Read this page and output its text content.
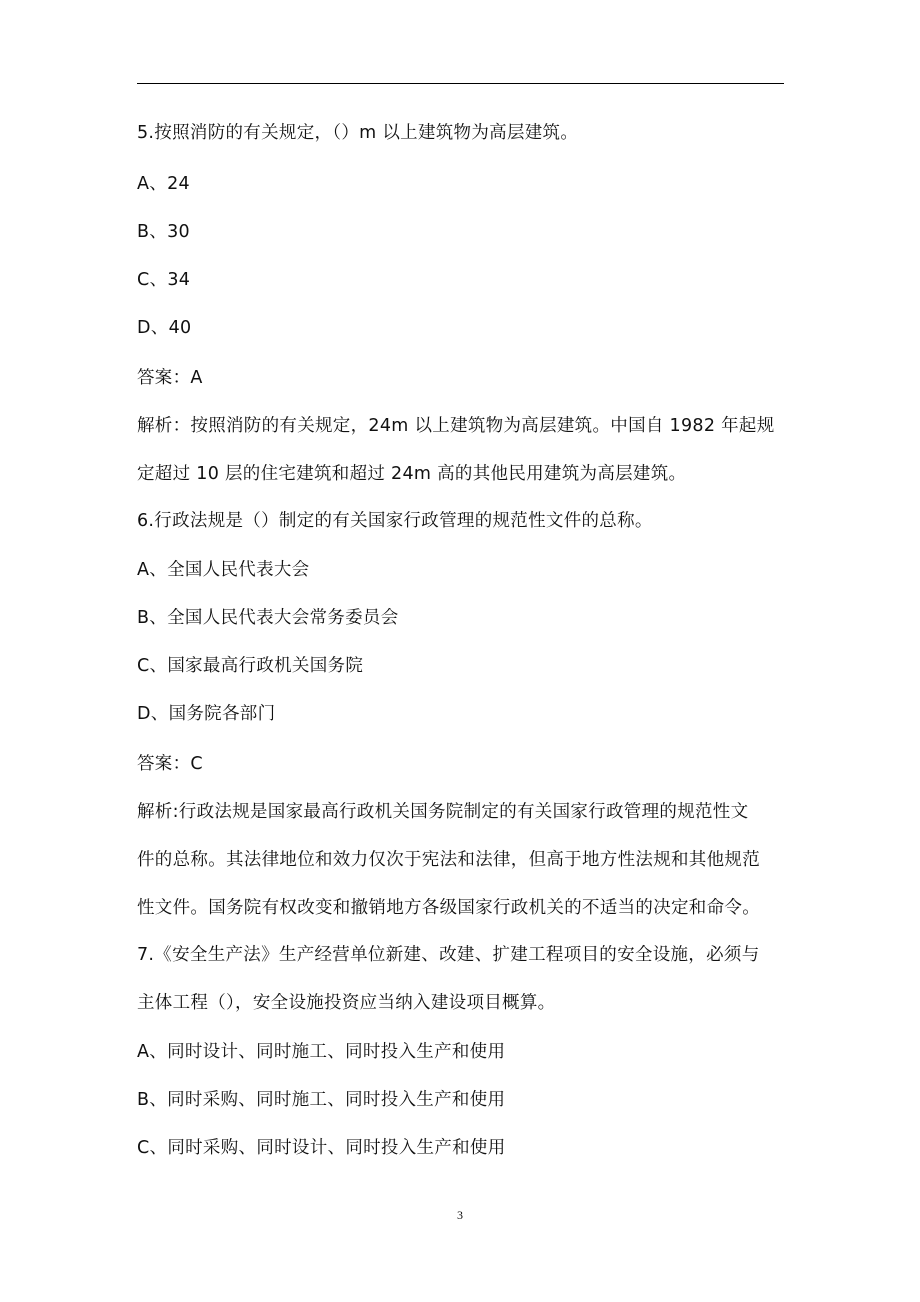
5.按照消防的有关规定，（）m 以上建筑物为高层建筑。
A、24
B、30
C、34
D、40
答案：A
解析：按照消防的有关规定，24m 以上建筑物为高层建筑。中国自 1982 年起规
定超过 10 层的住宅建筑和超过 24m 高的其他民用建筑为高层建筑。
6.行政法规是（）制定的有关国家行政管理的规范性文件的总称。
A、全国人民代表大会
B、全国人民代表大会常务委员会
C、国家最高行政机关国务院
D、国务院各部门
答案：C
解析:行政法规是国家最高行政机关国务院制定的有关国家行政管理的规范性文
件的总称。其法律地位和效力仅次于宪法和法律，但高于地方性法规和其他规范
性文件。国务院有权改变和撤销地方各级国家行政机关的不适当的决定和命令。
7.《安全生产法》生产经营单位新建、改建、扩建工程项目的安全设施，必须与
主体工程（），安全设施投资应当纳入建设项目概算。
A、同时设计、同时施工、同时投入生产和使用
B、同时采购、同时施工、同时投入生产和使用
C、同时采购、同时设计、同时投入生产和使用
3
